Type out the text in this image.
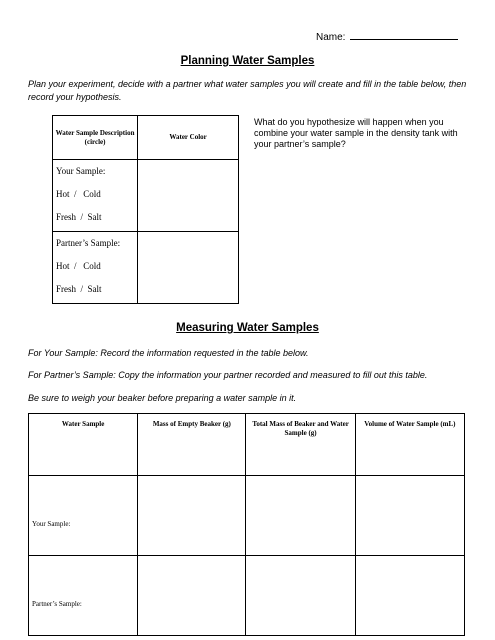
Name:
Planning Water Samples
Plan your experiment, decide with a partner what water samples you will create and fill in the table below, then record your hypothesis.
Water Sample Description (circle)	Water Color

Your Sample:
Hot  /   Cold
Fresh  /  Salt	

Partner’s Sample:
Hot  /   Cold
Fresh  /  Salt	

What do you hypothesize will happen when you combine your water sample in the density tank with your partner’s sample?
Measuring Water Samples
For Your Sample: Record the information requested in the table below.
For Partner’s Sample: Copy the information your partner recorded and measured to fill out this table.
Be sure to weigh your beaker before preparing a water sample in it.
Water Sample	Mass of Empty Beaker (g)	Total Mass of Beaker and Water Sample (g)	Volume of Water Sample (mL)
Your Sample:			
Partner’s Sample:			
